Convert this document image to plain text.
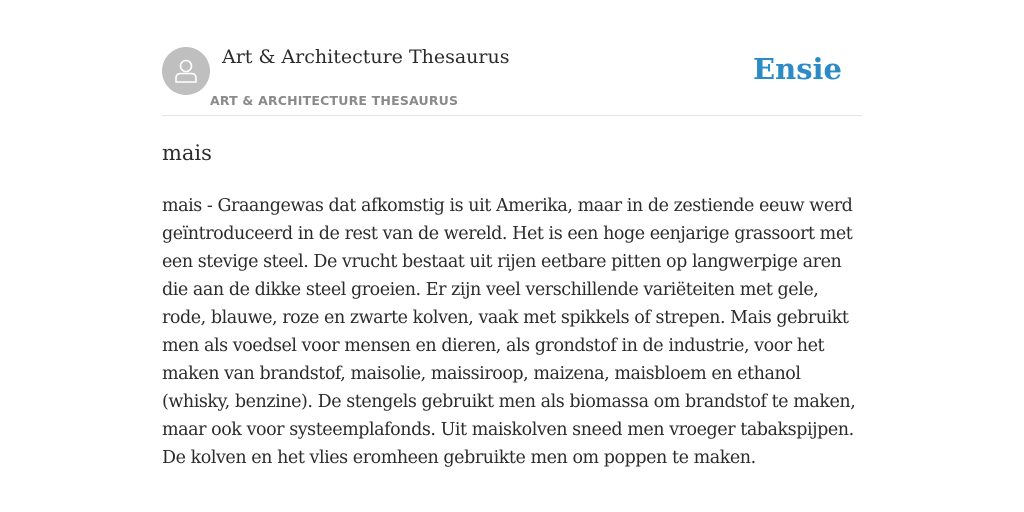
Art & Architecture Thesaurus
ART & ARCHITECTURE THESAURUS
Ensie
mais

mais - Graangewas dat afkomstig is uit Amerika, maar in de zestiende eeuw werd geïntroduceerd in de rest van de wereld. Het is een hoge eenjarige grassoort met een stevige steel. De vrucht bestaat uit rijen eetbare pitten op langwerpige aren die aan de dikke steel groeien. Er zijn veel verschillende variëteiten met gele, rode, blauwe, roze en zwarte kolven, vaak met spikkels of strepen. Mais gebruikt men als voedsel voor mensen en dieren, als grondstof in de industrie, voor het maken van brandstof, maisolie, maissiroop, maizena, maisbloem en ethanol (whisky, benzine). De stengels gebruikt men als biomassa om brandstof te maken, maar ook voor systeemplafonds. Uit maiskolven sneed men vroeger tabakspijpen. De kolven en het vlies eromheen gebruikte men om poppen te maken.
